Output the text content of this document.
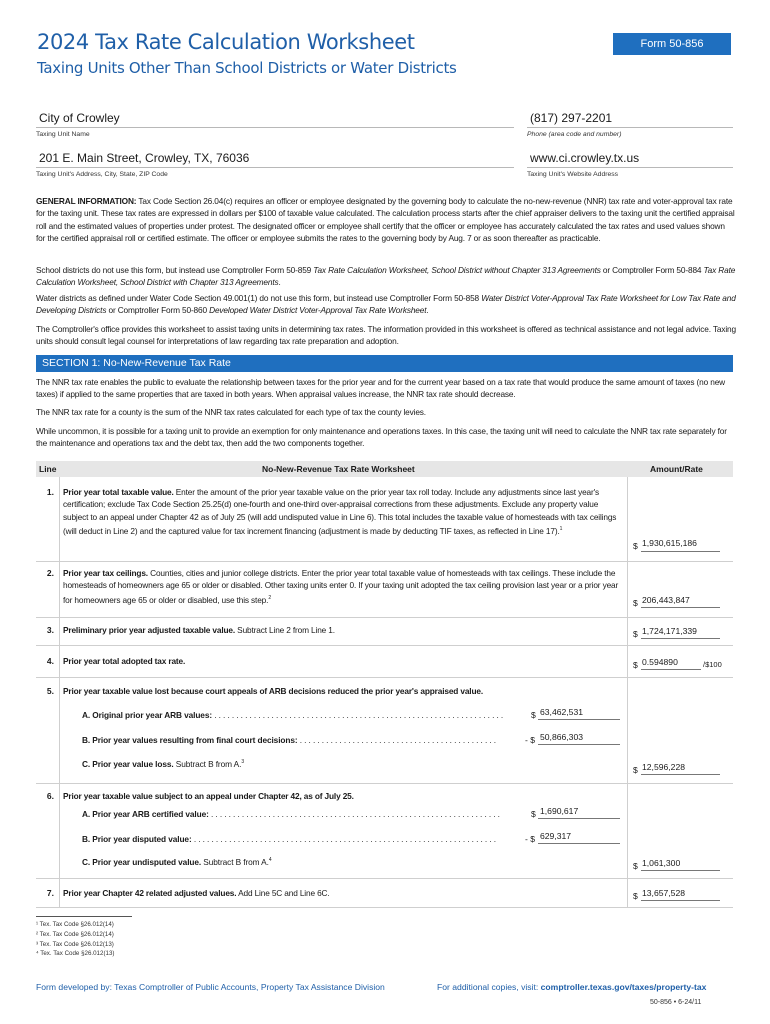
2024 Tax Rate Calculation Worksheet
Taxing Units Other Than School Districts or Water Districts
Form 50-856
City of Crowley
Taxing Unit Name
(817) 297-2201
Phone (area code and number)
201 E. Main Street, Crowley, TX, 76036
Taxing Unit's Address, City, State, ZIP Code
www.ci.crowley.tx.us
Taxing Unit's Website Address
GENERAL INFORMATION: Tax Code Section 26.04(c) requires an officer or employee designated by the governing body to calculate the no-new-revenue (NNR) tax rate and voter-approval tax rate for the taxing unit. These tax rates are expressed in dollars per $100 of taxable value calculated. The calculation process starts after the chief appraiser delivers to the taxing unit the certified appraisal roll and the estimated values of properties under protest. The designated officer or employee shall certify that the officer or employee has accurately calculated the tax rates and used values shown for the certified appraisal roll or certified estimate. The officer or employee submits the rates to the governing body by Aug. 7 or as soon thereafter as practicable.
School districts do not use this form, but instead use Comptroller Form 50-859 Tax Rate Calculation Worksheet, School District without Chapter 313 Agreements or Comptroller Form 50-884 Tax Rate Calculation Worksheet, School District with Chapter 313 Agreements.
Water districts as defined under Water Code Section 49.001(1) do not use this form, but instead use Comptroller Form 50-858 Water District Voter-Approval Tax Rate Worksheet for Low Tax Rate and Developing Districts or Comptroller Form 50-860 Developed Water District Voter-Approval Tax Rate Worksheet.
The Comptroller's office provides this worksheet to assist taxing units in determining tax rates. The information provided in this worksheet is offered as technical assistance and not legal advice. Taxing units should consult legal counsel for interpretations of law regarding tax rate preparation and adoption.
SECTION 1: No-New-Revenue Tax Rate
The NNR tax rate enables the public to evaluate the relationship between taxes for the prior year and for the current year based on a tax rate that would produce the same amount of taxes (no new taxes) if applied to the same properties that are taxed in both years. When appraisal values increase, the NNR tax rate should decrease.
The NNR tax rate for a county is the sum of the NNR tax rates calculated for each type of tax the county levies.
While uncommon, it is possible for a taxing unit to provide an exemption for only maintenance and operations taxes. In this case, the taxing unit will need to calculate the NNR tax rate separately for the maintenance and operations tax and the debt tax, then add the two components together.
Line	No-New-Revenue Tax Rate Worksheet	Amount/Rate
1. Prior year total taxable value. Enter the amount of the prior year taxable value on the prior year tax roll today. Include any adjustments since last year's certification; exclude Tax Code Section 25.25(d) one-fourth and one-third over-appraisal corrections from these adjustments. Exclude any property value subject to an appeal under Chapter 42 as of July 25 (will add undisputed value in Line 6). This total includes the taxable value of homesteads with tax ceilings (will deduct in Line 2) and the captured value for tax increment financing (adjustment is made by deducting TIF taxes, as reflected in Line 17).$^1$
$ 1,930,615,186
2. Prior year tax ceilings. Counties, cities and junior college districts. Enter the prior year total taxable value of homesteads with tax ceilings. These include the homesteads of homeowners age 65 or older or disabled. Other taxing units enter 0. If your taxing unit adopted the tax ceiling provision last year or a prior year for homeowners age 65 or older or disabled, use this step.$^2$
$ 206,443,847
3. Preliminary prior year adjusted taxable value. Subtract Line 2 from Line 1.	$ 1,724,171,339
4. Prior year total adopted tax rate.	$ 0.594890	/$100
5. Prior year taxable value lost because court appeals of ARB decisions reduced the prior year's appraised value.
A. Original prior year ARB values: . . . . . . . . . . . . . . . . . . . . . . . . . . . . . . . . . . . . . . . . . . . . . . . . . . . . . . . . . . . . . . . . . .	$ 63,462,531
B. Prior year values resulting from final court decisions: . . . . . . . . . . . . . . . . . . . . . . . . . . . . . . . . . . . . . . . . . . . . .	- $ 50,866,303
C. Prior year value loss. Subtract B from A.$^3$
$ 12,596,228
6. Prior year taxable value subject to an appeal under Chapter 42, as of July 25.
A. Prior year ARB certified value: . . . . . . . . . . . . . . . . . . . . . . . . . . . . . . . . . . . . . . . . . . . . . . . . . . . . . . . . . . . . . . . . . .	$ 1,690,617
B. Prior year disputed value: . . . . . . . . . . . . . . . . . . . . . . . . . . . . . . . . . . . . . . . . . . . . . . . . . . . . . . . . . . . . . . . . . . . . .	- $ 629,317
C. Prior year undisputed value. Subtract B from A.$^4$
$ 1,061,300
7. Prior year Chapter 42 related adjusted values. Add Line 5C and Line 6C.	$ 13,657,528
¹ Tex. Tax Code §26.012(14)
² Tex. Tax Code §26.012(14)
³ Tex. Tax Code §26.012(13)
⁴ Tex. Tax Code §26.012(13)
Form developed by: Texas Comptroller of Public Accounts, Property Tax Assistance Division	For additional copies, visit: comptroller.texas.gov/taxes/property-tax
50-856 • 6-24/11
